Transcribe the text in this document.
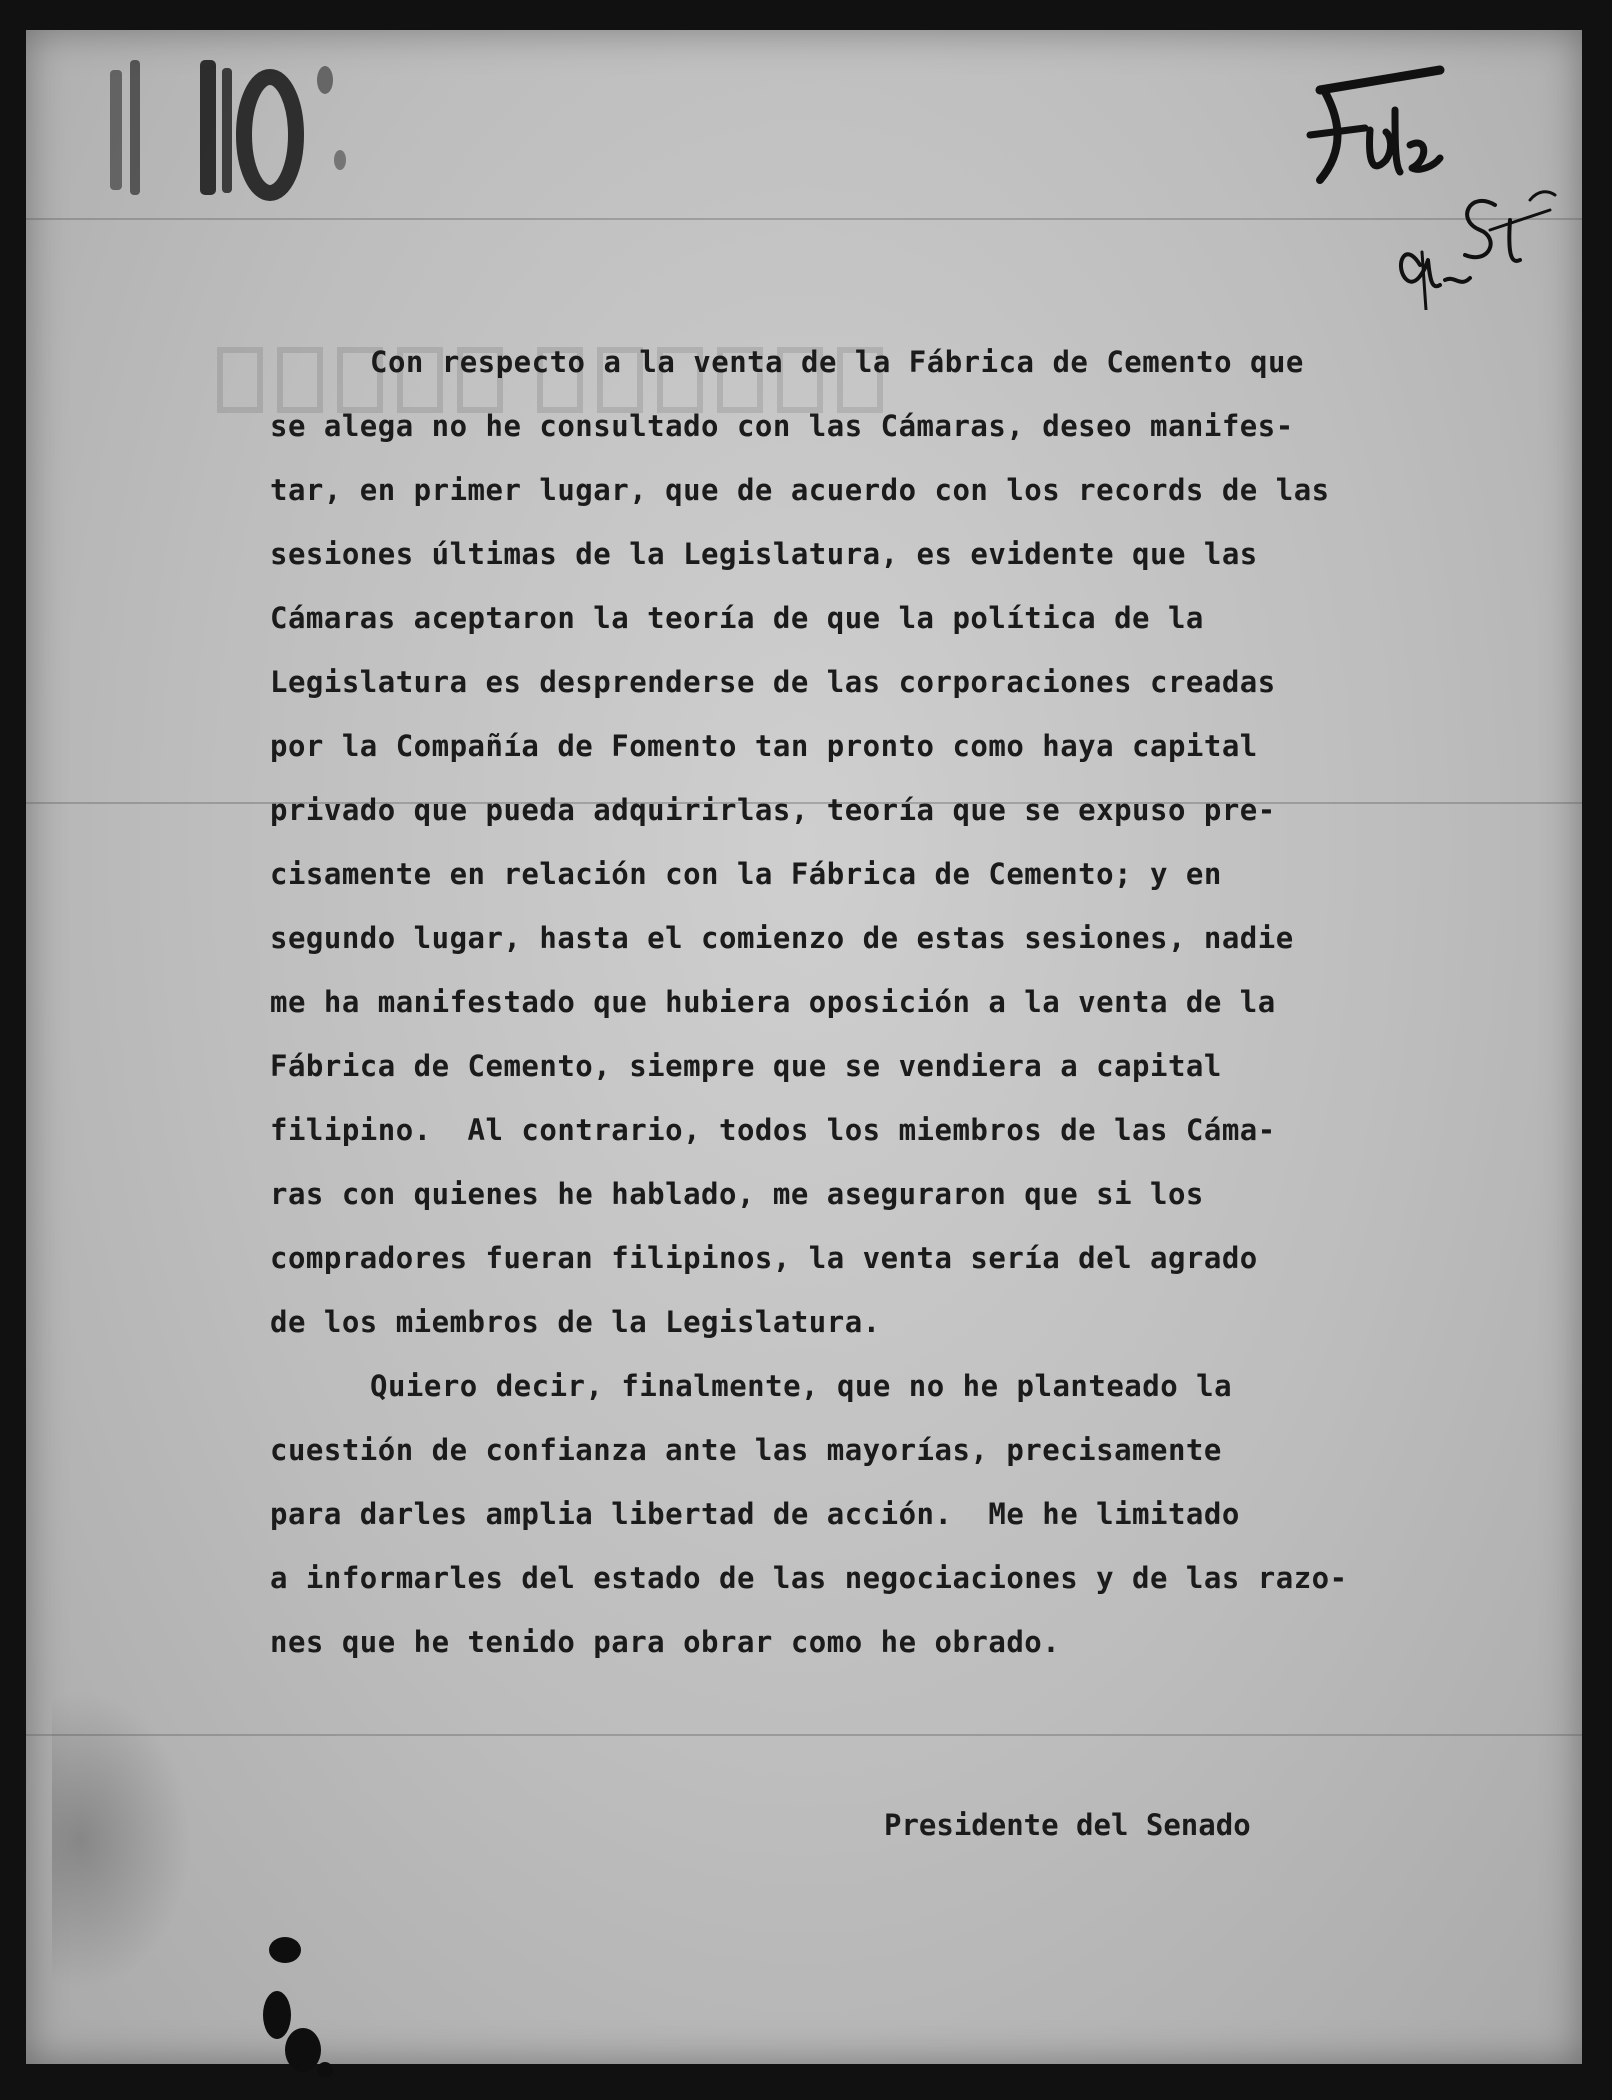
Con respecto a la venta de la Fábrica de Cemento que
se alega no he consultado con las Cámaras, deseo manifes-
tar, en primer lugar, que de acuerdo con los records de las
sesiones últimas de la Legislatura, es evidente que las
Cámaras aceptaron la teoría de que la política de la
Legislatura es desprenderse de las corporaciones creadas
por la Compañía de Fomento tan pronto como haya capital
privado que pueda adquirirlas, teoría que se expuso pre-
cisamente en relación con la Fábrica de Cemento; y en
segundo lugar, hasta el comienzo de estas sesiones, nadie
me ha manifestado que hubiera oposición a la venta de la
Fábrica de Cemento, siempre que se vendiera a capital
filipino.  Al contrario, todos los miembros de las Cáma-
ras con quienes he hablado, me aseguraron que si los
compradores fueran filipinos, la venta sería del agrado
de los miembros de la Legislatura.
Quiero decir, finalmente, que no he planteado la
cuestión de confianza ante las mayorías, precisamente
para darles amplia libertad de acción.  Me he limitado
a informarles del estado de las negociaciones y de las razo-
nes que he tenido para obrar como he obrado.
Presidente del Senado
